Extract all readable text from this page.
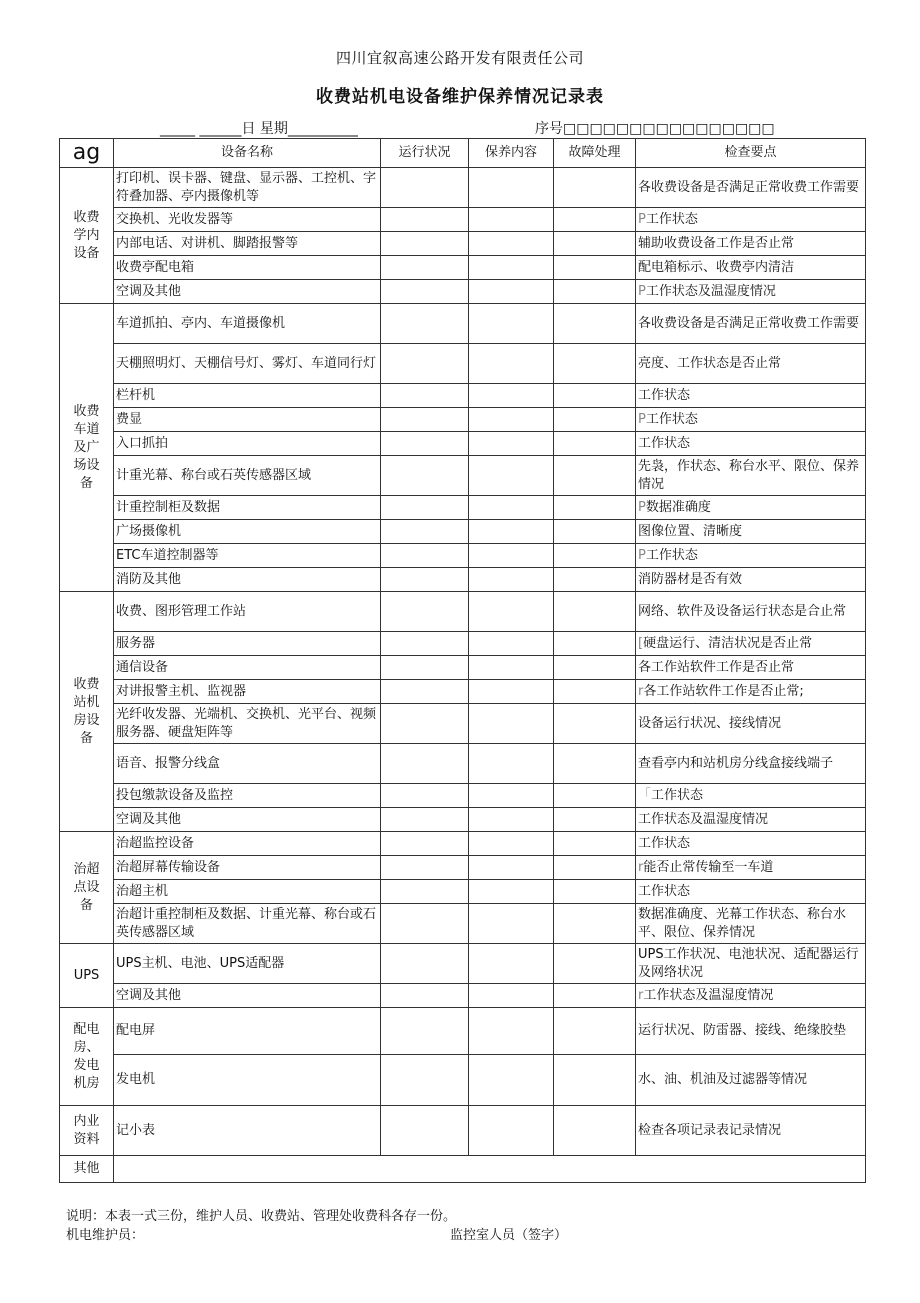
四川宜叙高速公路开发有限责任公司
收费站机电设备维护保养情况记录表
_____ ______日 星期__________	序号□□□□□□□□□□□□□□□□
ag	设备名称	运行状况	保养内容	故障处理	检查要点

收费
学内
设备	打印机、误卡器、键盘、显示器、工控机、字符叠加器、亭内摄像机等				各收费设备是否满足正常收费工作需要
	交换机、光收发器等				P工作状态
	内部电话、对讲机、脚踏报警等				辅助收费设备工作是否止常
	收费亭配电箱				配电箱标示、收费亭内清洁
	空调及其他				P工作状态及温湿度情况

收费
车道
及广
场设
备	车道抓拍、亭内、车道摄像机				各收费设备是否满足正常收费工作需要
	天棚照明灯、天棚信号灯、雾灯、车道同行灯				亮度、工作状态是否止常
	栏杆机				工作状态
	费显				P工作状态
	入口抓拍				工作状态
	计重光幕、称台或石英传感器区域				先袅，作状态、称台水平、限位、保养情况
	计重控制柜及数据				P数据准确度
	广场摄像机				图像位置、清晰度
	ETC车道控制器等				P工作状态
	消防及其他				消防器材是否有效

收费
站机
房设
备	收费、图形管理工作站				网络、软件及设备运行状态是合止常
	服务器				[硬盘运行、清洁状况是否止常
	通信设备				各工作站软件工作是否止常
	对讲报警主机、监视器				r各工作站软件工作是否止常;
	光纤收发器、光端机、交换机、光平台、视频服务器、硬盘矩阵等				设备运行状况、接线情况
	语音、报警分线盒				查看亭内和站机房分线盒接线端子
	投包缴款设备及监控				「工作状态
	空调及其他				工作状态及温湿度情况

治超
点设
备	治超监控设备				工作状态
	治超屏幕传输设备				r能否止常传输至一车道
	治超主机				工作状态
	治超计重控制柜及数据、计重光幕、称台或石英传感器区域				数据准确度、光幕工作状态、称台水平、限位、保养情况

UPS	UPS主机、电池、UPS适配器				UPS工作状况、电池状况、适配器运行及网络状况
	空调及其他				r工作状态及温湿度情况

配电
房、
发电
机房	配电屏				运行状况、防雷器、接线、绝缘胶垫
	发电机				水、油、机油及过滤器等情况

内业
资料	记小表				检查各项记录表记录情况

其他					

说明：本表一式三份，维护人员、收费站、管理处收费科各存一份。
机电维护员：	监控室人员（签字）
